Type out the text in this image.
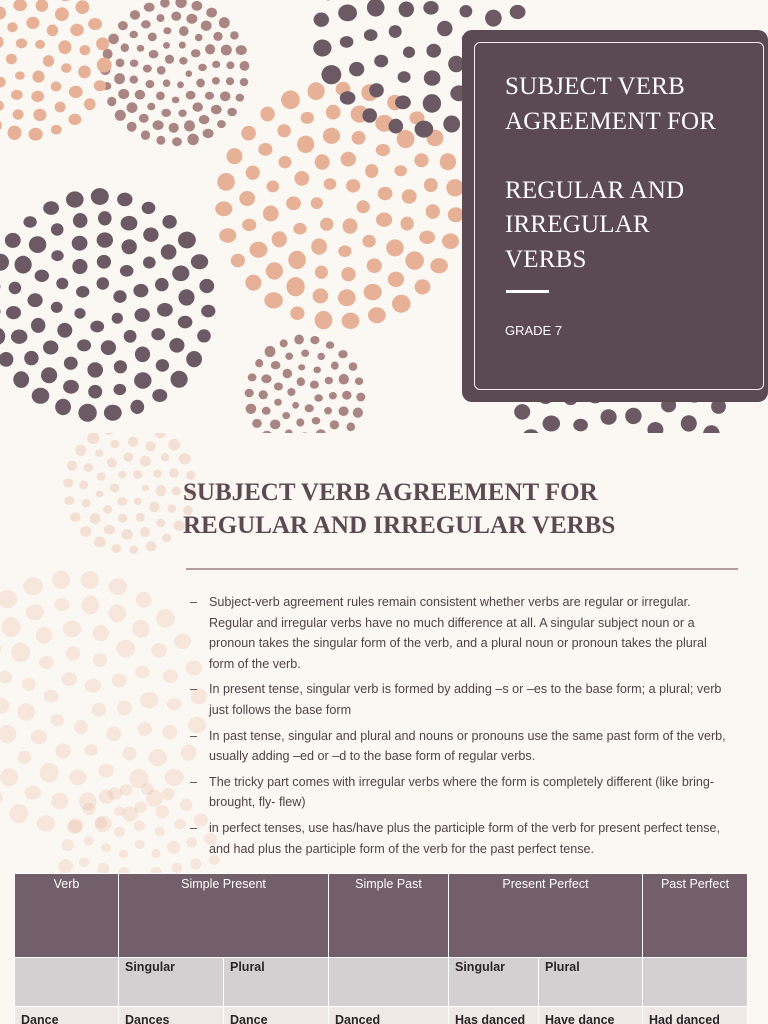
SUBJECT VERB
AGREEMENT FOR
REGULAR AND
IRREGULAR
VERBS
GRADE 7
SUBJECT VERB AGREEMENT FOR
REGULAR AND IRREGULAR VERBS
– Subject-verb agreement rules remain consistent whether verbs are regular or irregular. Regular and irregular verbs have no much difference at all. A singular subject noun or a pronoun takes the singular form of the verb, and a plural noun or pronoun takes the plural form of the verb.
– In present tense, singular verb is formed by adding –s or –es to the base form; a plural; verb just follows the base form
– In past tense, singular and plural and nouns or pronouns use the same past form of the verb, usually adding –ed or –d to the base form of regular verbs.
– The tricky part comes with irregular verbs where the form is completely different (like bring- brought, fly- flew)
– in perfect tenses, use has/have plus the participle form of the verb for present perfect tense, and had plus the participle form of the verb for the past perfect tense.
Verb	Simple Present		Simple Past	Present Perfect		Past Perfect
	Singular	Plural		Singular	Plural	
Dance	Dances	Dance	Danced	Has danced	Have dance	Had danced
